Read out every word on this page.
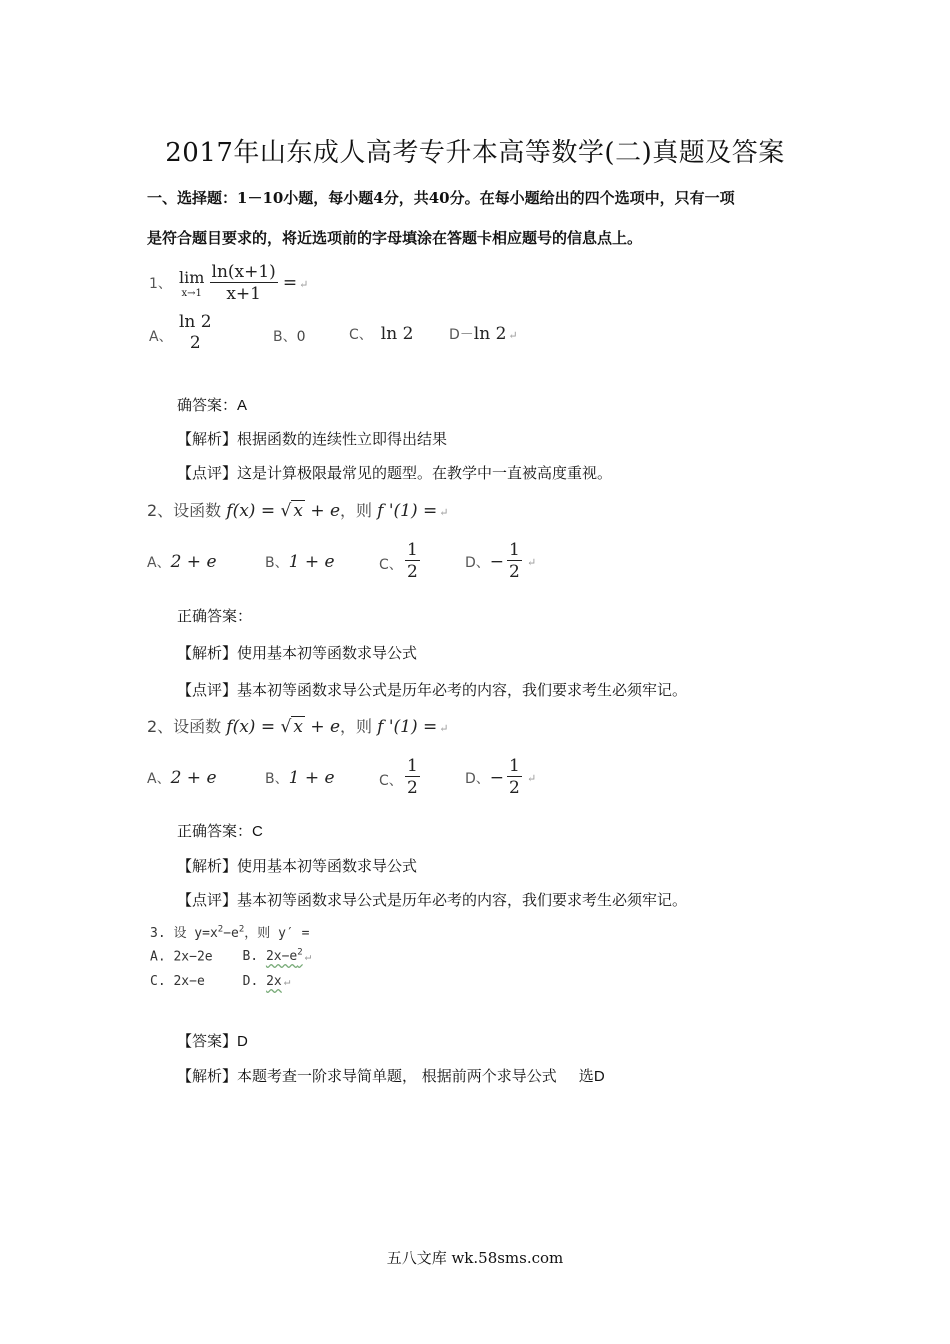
2017年山东成人高考专升本高等数学(二)真题及答案
一、选择题：1－10小题，每小题4分，共40分。在每小题给出的四个选项中，只有一项
是符合题目要求的，将近选项前的字母填涂在答题卡相应题号的信息点上。
1、 lim
x→1
$\frac{\ln(x+1)}{x+1}$ = ↵
A、
ln 2
2	B、0	C、 ln 2	D－ln 2 ↵
确答案：A
【解析】根据函数的连续性立即得出结果
【点评】这是计算极限最常见的题型。在教学中一直被高度重视。
2、设函数 f(x) = √ x + e，则 f '(1) = ↵
A、2 + e	B、1 + e	C、 $\frac{1}{2}$	D、− $\frac{1}{2}$ ↵
正确答案：
【解析】使用基本初等函数求导公式
【点评】基本初等函数求导公式是历年必考的内容，我们要求考生必须牢记。
2、设函数 f(x) = √ x + e，则 f '(1) = ↵
A、2 + e	B、1 + e	C、 $\frac{1}{2}$	D、− $\frac{1}{2}$ ↵
正确答案：C
【解析】使用基本初等函数求导公式
【点评】基本初等函数求导公式是历年必考的内容，我们要求考生必须牢记。
3. 设 $y=x^2-e^2$，则 y′ =
A. 2x−2e B. $2x-e^2$ ↵
C. 2x−e	D. 2x ↵
【答案】D
【解析】本题考查一阶求导简单题， 根据前两个求导公式 选D
五八文库 wk.58sms.com
